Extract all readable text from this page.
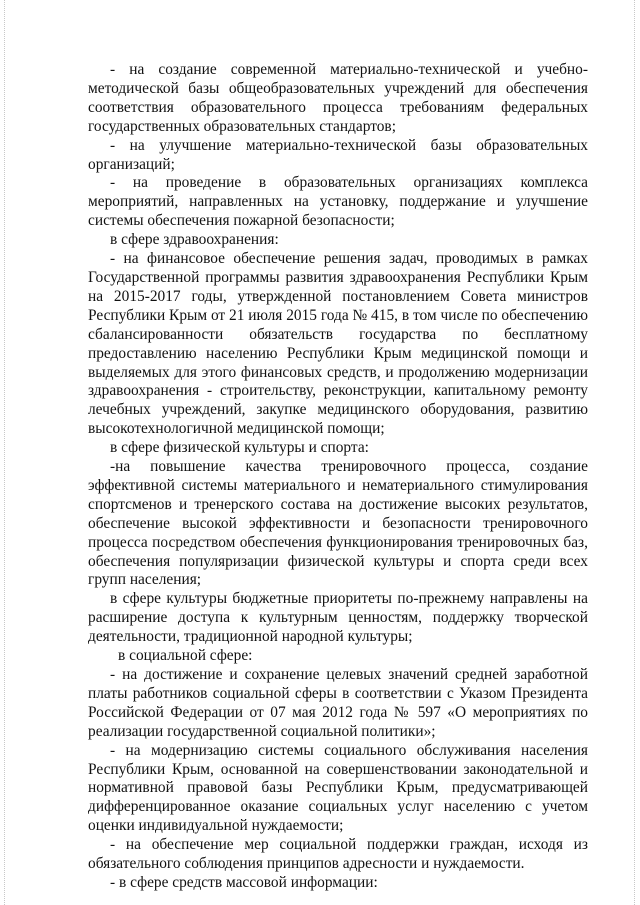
- на создание современной материально-технической и учебно-методической базы общеобразовательных учреждений для обеспечения соответствия образовательного процесса требованиям федеральных государственных образовательных стандартов;

- на улучшение материально-технической базы образовательных организаций;

- на проведение в образовательных организациях комплекса мероприятий, направленных на установку, поддержание и улучшение системы обеспечения пожарной безопасности;

в сфере здравоохранения:

- на финансовое обеспечение решения задач, проводимых в рамках Государственной программы развития здравоохранения Республики Крым на 2015-2017 годы, утвержденной постановлением Совета министров Республики Крым от 21 июля 2015 года № 415, в том числе по обеспечению сбалансированности обязательств государства по бесплатному предоставлению населению Республики Крым медицинской помощи и выделяемых для этого финансовых средств, и продолжению модернизации здравоохранения - строительству, реконструкции, капитальному ремонту лечебных учреждений, закупке медицинского оборудования, развитию высокотехнологичной медицинской помощи;

в сфере физической культуры и спорта:

-на повышение качества тренировочного процесса, создание эффективной системы материального и нематериального стимулирования спортсменов и тренерского состава на достижение высоких результатов, обеспечение высокой эффективности и безопасности тренировочного процесса посредством обеспечения функционирования тренировочных баз, обеспечения популяризации физической культуры и спорта среди всех групп населения;

в сфере культуры бюджетные приоритеты по-прежнему направлены на расширение доступа к культурным ценностям, поддержку творческой деятельности, традиционной народной культуры;

в социальной сфере:

- на достижение и сохранение целевых значений средней заработной платы работников социальной сферы в соответствии с Указом Президента Российской Федерации от 07 мая 2012 года № 597 «О мероприятиях по реализации государственной социальной политики»;

- на модернизацию системы социального обслуживания населения Республики Крым, основанной на совершенствовании законодательной и нормативной правовой базы Республики Крым, предусматривающей дифференцированное оказание социальных услуг населению с учетом оценки индивидуальной нуждаемости;

- на обеспечение мер социальной поддержки граждан, исходя из обязательного соблюдения принципов адресности и нуждаемости.

- в сфере средств массовой информации:
